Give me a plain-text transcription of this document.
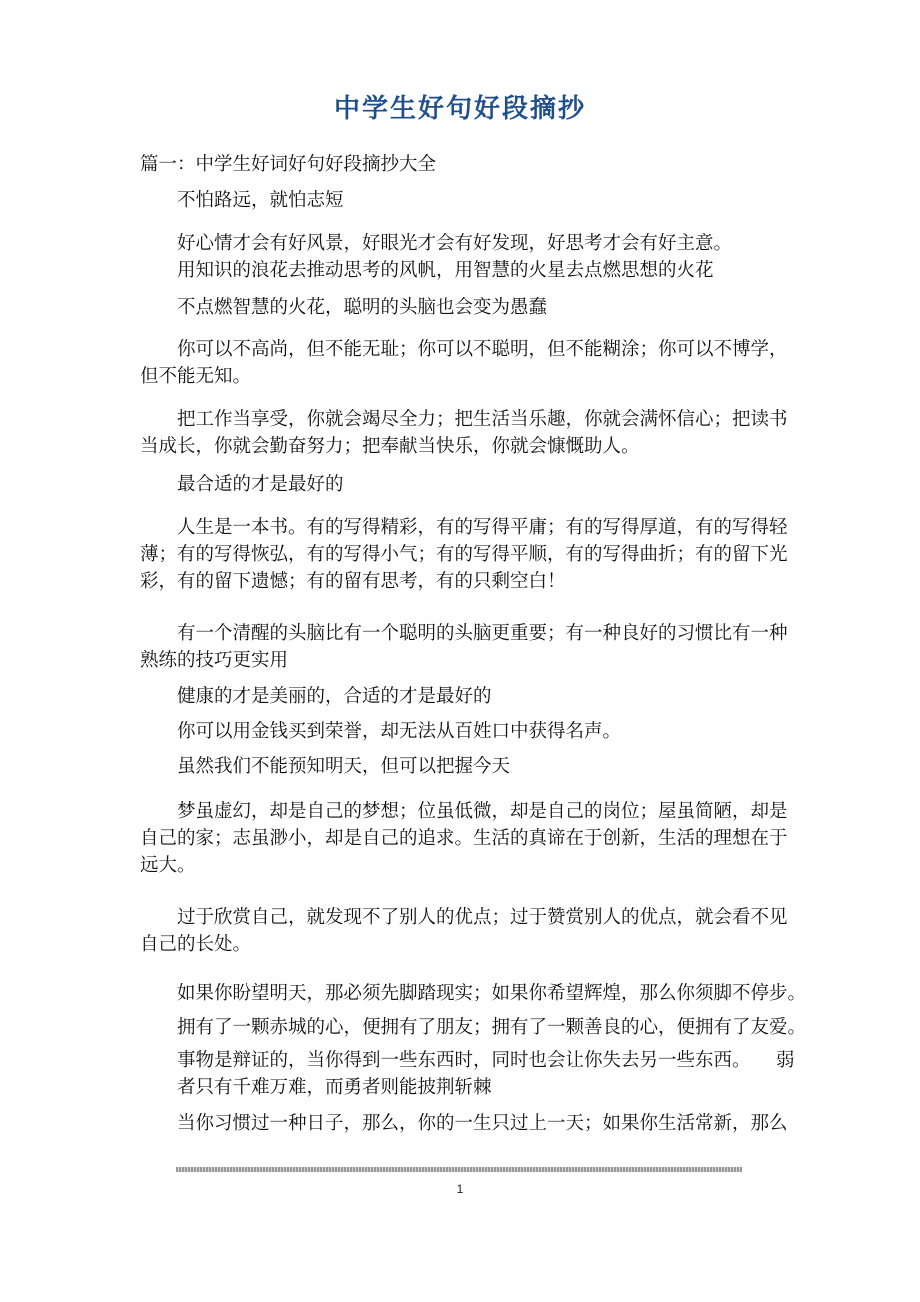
中学生好句好段摘抄
篇一：中学生好词好句好段摘抄大全
不怕路远，就怕志短
好心情才会有好风景，好眼光才会有好发现，好思考才会有好主意。
用知识的浪花去推动思考的风帆，用智慧的火星去点燃思想的火花
不点燃智慧的火花，聪明的头脑也会变为愚蠢
你可以不高尚，但不能无耻；你可以不聪明，但不能糊涂；你可以不博学，
但不能无知。
把工作当享受，你就会竭尽全力；把生活当乐趣，你就会满怀信心；把读书
当成长，你就会勤奋努力；把奉献当快乐，你就会慷慨助人。
最合适的才是最好的
人生是一本书。有的写得精彩，有的写得平庸；有的写得厚道，有的写得轻
薄；有的写得恢弘，有的写得小气；有的写得平顺，有的写得曲折；有的留下光
彩，有的留下遗憾；有的留有思考，有的只剩空白！
有一个清醒的头脑比有一个聪明的头脑更重要；有一种良好的习惯比有一种
熟练的技巧更实用
健康的才是美丽的，合适的才是最好的
你可以用金钱买到荣誉，却无法从百姓口中获得名声。
虽然我们不能预知明天，但可以把握今天
梦虽虚幻，却是自己的梦想；位虽低微，却是自己的岗位；屋虽简陋，却是
自己的家；志虽渺小，却是自己的追求。生活的真谛在于创新，生活的理想在于
远大。
过于欣赏自己，就发现不了别人的优点；过于赞赏别人的优点，就会看不见
自己的长处。
如果你盼望明天，那必须先脚踏现实；如果你希望辉煌，那么你须脚不停步。
拥有了一颗赤城的心，便拥有了朋友；拥有了一颗善良的心，便拥有了友爱。
事物是辩证的，当你得到一些东西时，同时也会让你失去另一些东西。 弱
者只有千难万难，而勇者则能披荆斩棘
当你习惯过一种日子，那么，你的一生只过上一天；如果你生活常新，那么
1
